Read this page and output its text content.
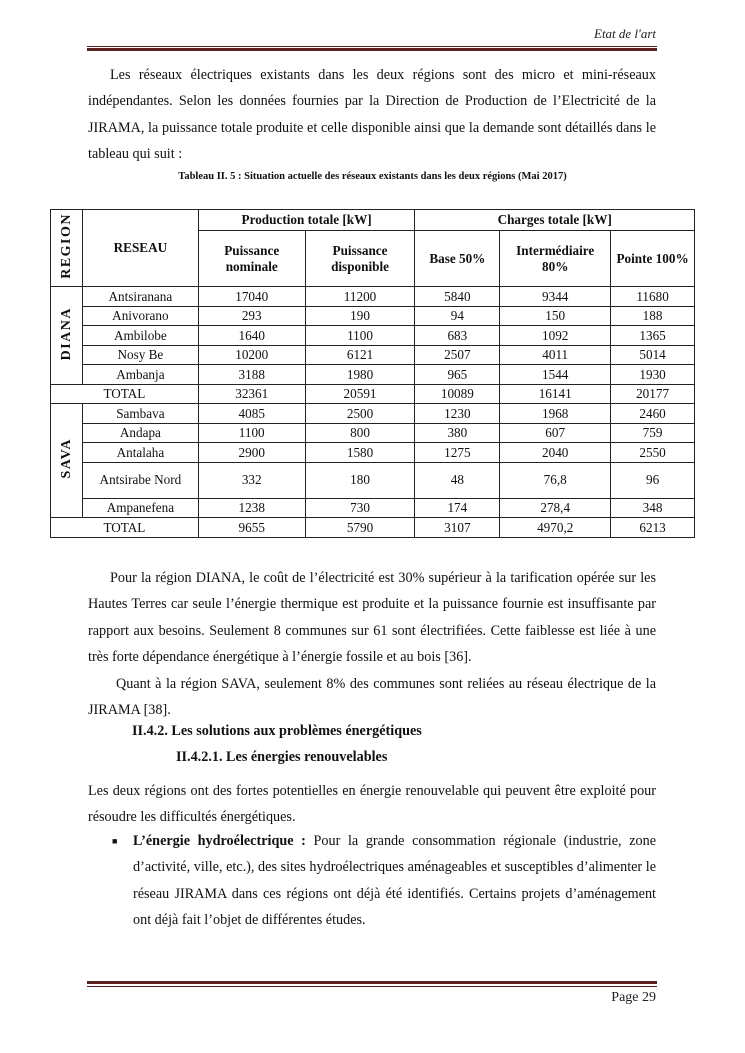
Etat de l'art

Les réseaux électriques existants dans les deux régions sont des micro et mini-réseaux indépendantes. Selon les données fournies par la Direction de Production de l’Electricité de la JIRAMA, la puissance totale produite et celle disponible ainsi que la demande sont détaillés dans le tableau qui suit :

Tableau II. 5 : Situation actuelle des réseaux existants dans les deux régions (Mai 2017)
REGION	RESEAU	Production totale [kW]		Charges totale [kW]		
		Puissance nominale	Puissance disponible	Base 50%	Intermédiaire 80%	Pointe 100%
DIANA	Antsiranana	17040	11200	5840	9344	11680
	Anivorano	293	190	94	150	188
	Ambilobe	1640	1100	683	1092	1365
	Nosy Be	10200	6121	2507	4011	5014
	Ambanja	3188	1980	965	1544	1930
TOTAL		32361	20591	10089	16141	20177
SAVA	Sambava	4085	2500	1230	1968	2460
	Andapa	1100	800	380	607	759
	Antalaha	2900	1580	1275	2040	2550
	Antsirabe Nord	332	180	48	76,8	96
	Ampanefena	1238	730	174	278,4	348
TOTAL		9655	5790	3107	4970,2	6213

Pour la région DIANA, le coût de l’électricité est 30% supérieur à la tarification opérée sur les Hautes Terres car seule l’énergie thermique est produite et la puissance fournie est insuffisante par rapport aux besoins. Seulement 8 communes sur 61 sont électrifiées. Cette faiblesse est liée à une très forte dépendance énergétique à l’énergie fossile et au bois [36].

Quant à la région SAVA, seulement 8% des communes sont reliées au réseau électrique de la JIRAMA [38].

II.4.2. Les solutions aux problèmes énergétiques
II.4.2.1. Les énergies renouvelables

Les deux régions ont des fortes potentielles en énergie renouvelable qui peuvent être exploité pour résoudre les difficultés énergétiques.

■ L’énergie hydroélectrique : Pour la grande consommation régionale (industrie, zone d’activité, ville, etc.), des sites hydroélectriques aménageables et susceptibles d’alimenter le réseau JIRAMA dans ces régions ont déjà été identifiés. Certains projets d’aménagement ont déjà fait l’objet de différentes études.
Page 29
